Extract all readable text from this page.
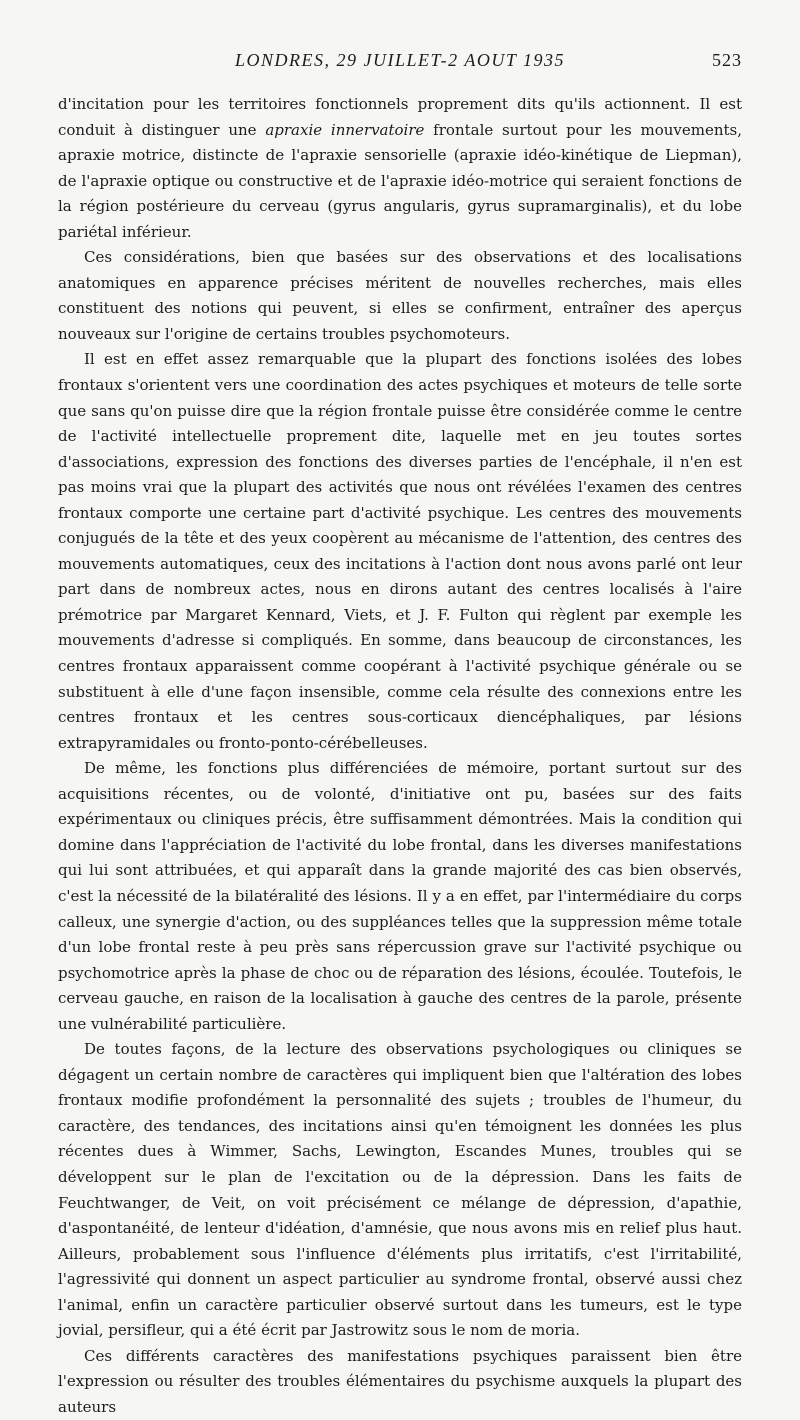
LONDRES, 29 JUILLET-2 AOUT 1935	523

d'incitation pour les territoires fonctionnels proprement dits qu'ils actionnent. Il est conduit à distinguer une apraxie innervatoire frontale surtout pour les mouvements, apraxie motrice, distincte de l'apraxie sensorielle (apraxie idéo-kinétique de Liepman), de l'apraxie optique ou constructive et de l'apraxie idéo-motrice qui seraient fonctions de la région postérieure du cerveau (gyrus angularis, gyrus supramarginalis), et du lobe pariétal inférieur.

Ces considérations, bien que basées sur des observations et des localisations anatomiques en apparence précises méritent de nouvelles recherches, mais elles constituent des notions qui peuvent, si elles se confirment, entraîner des aperçus nouveaux sur l'origine de certains troubles psychomoteurs.

Il est en effet assez remarquable que la plupart des fonctions isolées des lobes frontaux s'orientent vers une coordination des actes psychiques et moteurs de telle sorte que sans qu'on puisse dire que la région frontale puisse être considérée comme le centre de l'activité intellectuelle proprement dite, laquelle met en jeu toutes sortes d'associations, expression des fonctions des diverses parties de l'encéphale, il n'en est pas moins vrai que la plupart des activités que nous ont révélées l'examen des centres frontaux comporte une certaine part d'activité psychique. Les centres des mouvements conjugués de la tête et des yeux coopèrent au mécanisme de l'attention, des centres des mouvements automatiques, ceux des incitations à l'action dont nous avons parlé ont leur part dans de nombreux actes, nous en dirons autant des centres localisés à l'aire prémotrice par Margaret Kennard, Viets, et J. F. Fulton qui règlent par exemple les mouvements d'adresse si compliqués. En somme, dans beaucoup de circonstances, les centres frontaux apparaissent comme coopérant à l'activité psychique générale ou se substituent à elle d'une façon insensible, comme cela résulte des connexions entre les centres frontaux et les centres sous-corticaux diencéphaliques, par lésions extrapyramidales ou fronto-ponto-cérébelleuses.

De même, les fonctions plus différenciées de mémoire, portant surtout sur des acquisitions récentes, ou de volonté, d'initiative ont pu, basées sur des faits expérimentaux ou cliniques précis, être suffisamment démontrées. Mais la condition qui domine dans l'appréciation de l'activité du lobe frontal, dans les diverses manifestations qui lui sont attribuées, et qui apparaît dans la grande majorité des cas bien observés, c'est la nécessité de la bilatéralité des lésions. Il y a en effet, par l'intermédiaire du corps calleux, une synergie d'action, ou des suppléances telles que la suppression même totale d'un lobe frontal reste à peu près sans répercussion grave sur l'activité psychique ou psychomotrice après la phase de choc ou de réparation des lésions, écoulée. Toutefois, le cerveau gauche, en raison de la localisation à gauche des centres de la parole, présente une vulnérabilité particulière.

De toutes façons, de la lecture des observations psychologiques ou cliniques se dégagent un certain nombre de caractères qui impliquent bien que l'altération des lobes frontaux modifie profondément la personnalité des sujets ; troubles de l'humeur, du caractère, des tendances, des incitations ainsi qu'en témoignent les données les plus récentes dues à Wimmer, Sachs, Lewington, Escandes Munes, troubles qui se développent sur le plan de l'excitation ou de la dépression. Dans les faits de Feuchtwanger, de Veit, on voit précisément ce mélange de dépression, d'apathie, d'aspontanéité, de lenteur d'idéation, d'amnésie, que nous avons mis en relief plus haut. Ailleurs, probablement sous l'influence d'éléments plus irritatifs, c'est l'irritabilité, l'agressivité qui donnent un aspect particulier au syndrome frontal, observé aussi chez l'animal, enfin un caractère particulier observé surtout dans les tumeurs, est le type jovial, persifleur, qui a été écrit par Jastrowitz sous le nom de moria.

Ces différents caractères des manifestations psychiques paraissent bien être l'expression ou résulter des troubles élémentaires du psychisme auxquels la plupart des auteurs
